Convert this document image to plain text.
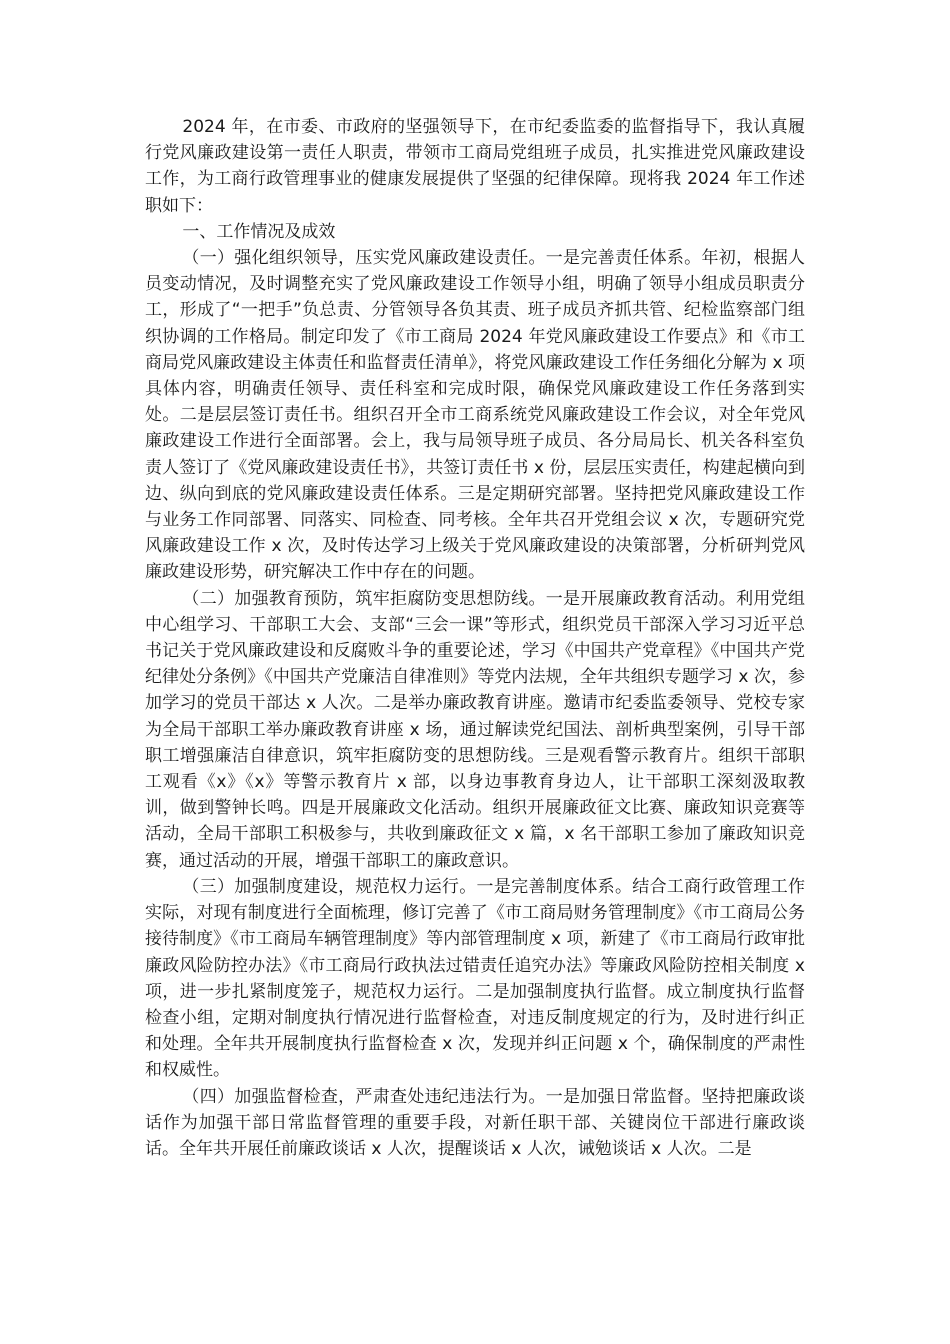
2024 年，在市委、市政府的坚强领导下，在市纪委监委的监督指导下，我认真履行党风廉政建设第一责任人职责，带领市工商局党组班子成员，扎实推进党风廉政建设工作，为工商行政管理事业的健康发展提供了坚强的纪律保障。现将我 2024 年工作述职如下：

一、工作情况及成效

（一）强化组织领导，压实党风廉政建设责任。一是完善责任体系。年初，根据人员变动情况，及时调整充实了党风廉政建设工作领导小组，明确了领导小组成员职责分工，形成了“一把手”负总责、分管领导各负其责、班子成员齐抓共管、纪检监察部门组织协调的工作格局。制定印发了《市工商局 2024 年党风廉政建设工作要点》和《市工商局党风廉政建设主体责任和监督责任清单》，将党风廉政建设工作任务细化分解为 x 项具体内容，明确责任领导、责任科室和完成时限，确保党风廉政建设工作任务落到实处。二是层层签订责任书。组织召开全市工商系统党风廉政建设工作会议，对全年党风廉政建设工作进行全面部署。会上，我与局领导班子成员、各分局局长、机关各科室负责人签订了《党风廉政建设责任书》，共签订责任书 x 份，层层压实责任，构建起横向到边、纵向到底的党风廉政建设责任体系。三是定期研究部署。坚持把党风廉政建设工作与业务工作同部署、同落实、同检查、同考核。全年共召开党组会议 x 次，专题研究党风廉政建设工作 x 次，及时传达学习上级关于党风廉政建设的决策部署，分析研判党风廉政建设形势，研究解决工作中存在的问题。

（二）加强教育预防，筑牢拒腐防变思想防线。一是开展廉政教育活动。利用党组中心组学习、干部职工大会、支部“三会一课”等形式，组织党员干部深入学习习近平总书记关于党风廉政建设和反腐败斗争的重要论述，学习《中国共产党章程》《中国共产党纪律处分条例》《中国共产党廉洁自律准则》等党内法规，全年共组织专题学习 x 次，参加学习的党员干部达 x 人次。二是举办廉政教育讲座。邀请市纪委监委领导、党校专家为全局干部职工举办廉政教育讲座 x 场，通过解读党纪国法、剖析典型案例，引导干部职工增强廉洁自律意识，筑牢拒腐防变的思想防线。三是观看警示教育片。组织干部职工观看《x》《x》等警示教育片 x 部，以身边事教育身边人，让干部职工深刻汲取教训，做到警钟长鸣。四是开展廉政文化活动。组织开展廉政征文比赛、廉政知识竞赛等活动，全局干部职工积极参与，共收到廉政征文 x 篇，x 名干部职工参加了廉政知识竞赛，通过活动的开展，增强干部职工的廉政意识。

（三）加强制度建设，规范权力运行。一是完善制度体系。结合工商行政管理工作实际，对现有制度进行全面梳理，修订完善了《市工商局财务管理制度》《市工商局公务接待制度》《市工商局车辆管理制度》等内部管理制度 x 项，新建了《市工商局行政审批廉政风险防控办法》《市工商局行政执法过错责任追究办法》等廉政风险防控相关制度 x 项，进一步扎紧制度笼子，规范权力运行。二是加强制度执行监督。成立制度执行监督检查小组，定期对制度执行情况进行监督检查，对违反制度规定的行为，及时进行纠正和处理。全年共开展制度执行监督检查 x 次，发现并纠正问题 x 个，确保制度的严肃性和权威性。

（四）加强监督检查，严肃查处违纪违法行为。一是加强日常监督。坚持把廉政谈话作为加强干部日常监督管理的重要手段，对新任职干部、关键岗位干部进行廉政谈话。全年共开展任前廉政谈话 x 人次，提醒谈话 x 人次，诫勉谈话 x 人次。二是
